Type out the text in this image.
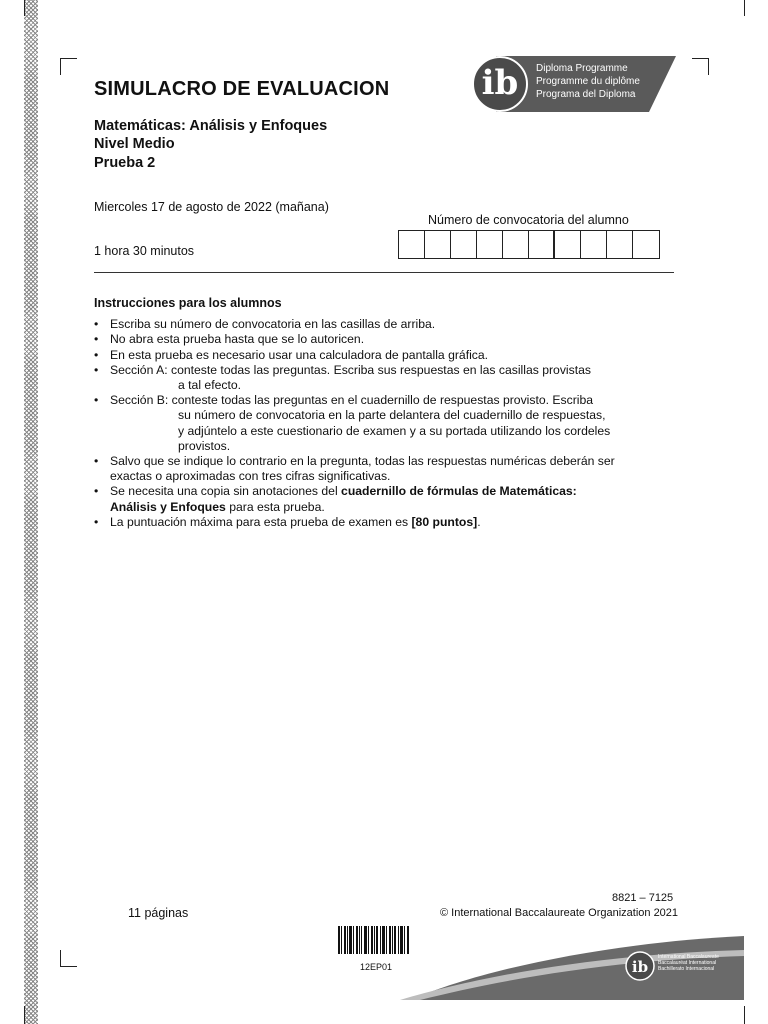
SIMULACRO DE EVALUACION
Matemáticas: Análisis y Enfoques
Nivel Medio
Prueba 2
Miercoles 17 de agosto de 2022 (mañana)
Número de convocatoria del alumno
1 hora 30 minutos
Instrucciones para los alumnos
• Escriba su número de convocatoria en las casillas de arriba.
• No abra esta prueba hasta que se lo autoricen.
• En esta prueba es necesario usar una calculadora de pantalla gráfica.
• Sección A: conteste todas las preguntas. Escriba sus respuestas en las casillas provistas
a tal efecto.
• Sección B: conteste todas las preguntas en el cuadernillo de respuestas provisto. Escriba
su número de convocatoria en la parte delantera del cuadernillo de respuestas,
y adjúntelo a este cuestionario de examen y a su portada utilizando los cordeles
provistos.
• Salvo que se indique lo contrario en la pregunta, todas las respuestas numéricas deberán ser
exactas o aproximadas con tres cifras significativas.
• Se necesita una copia sin anotaciones del cuadernillo de fórmulas de Matemáticas:
Análisis y Enfoques para esta prueba.
• La puntuación máxima para esta prueba de examen es [80 puntos].
ib	Diploma Programme
Programme du diplôme
Programa del Diploma
11 páginas
8821 – 7125
© International Baccalaureate Organization 2021
12EP01	ib
International Baccalaureate
Baccalauréat International
Bachillerato Internacional
